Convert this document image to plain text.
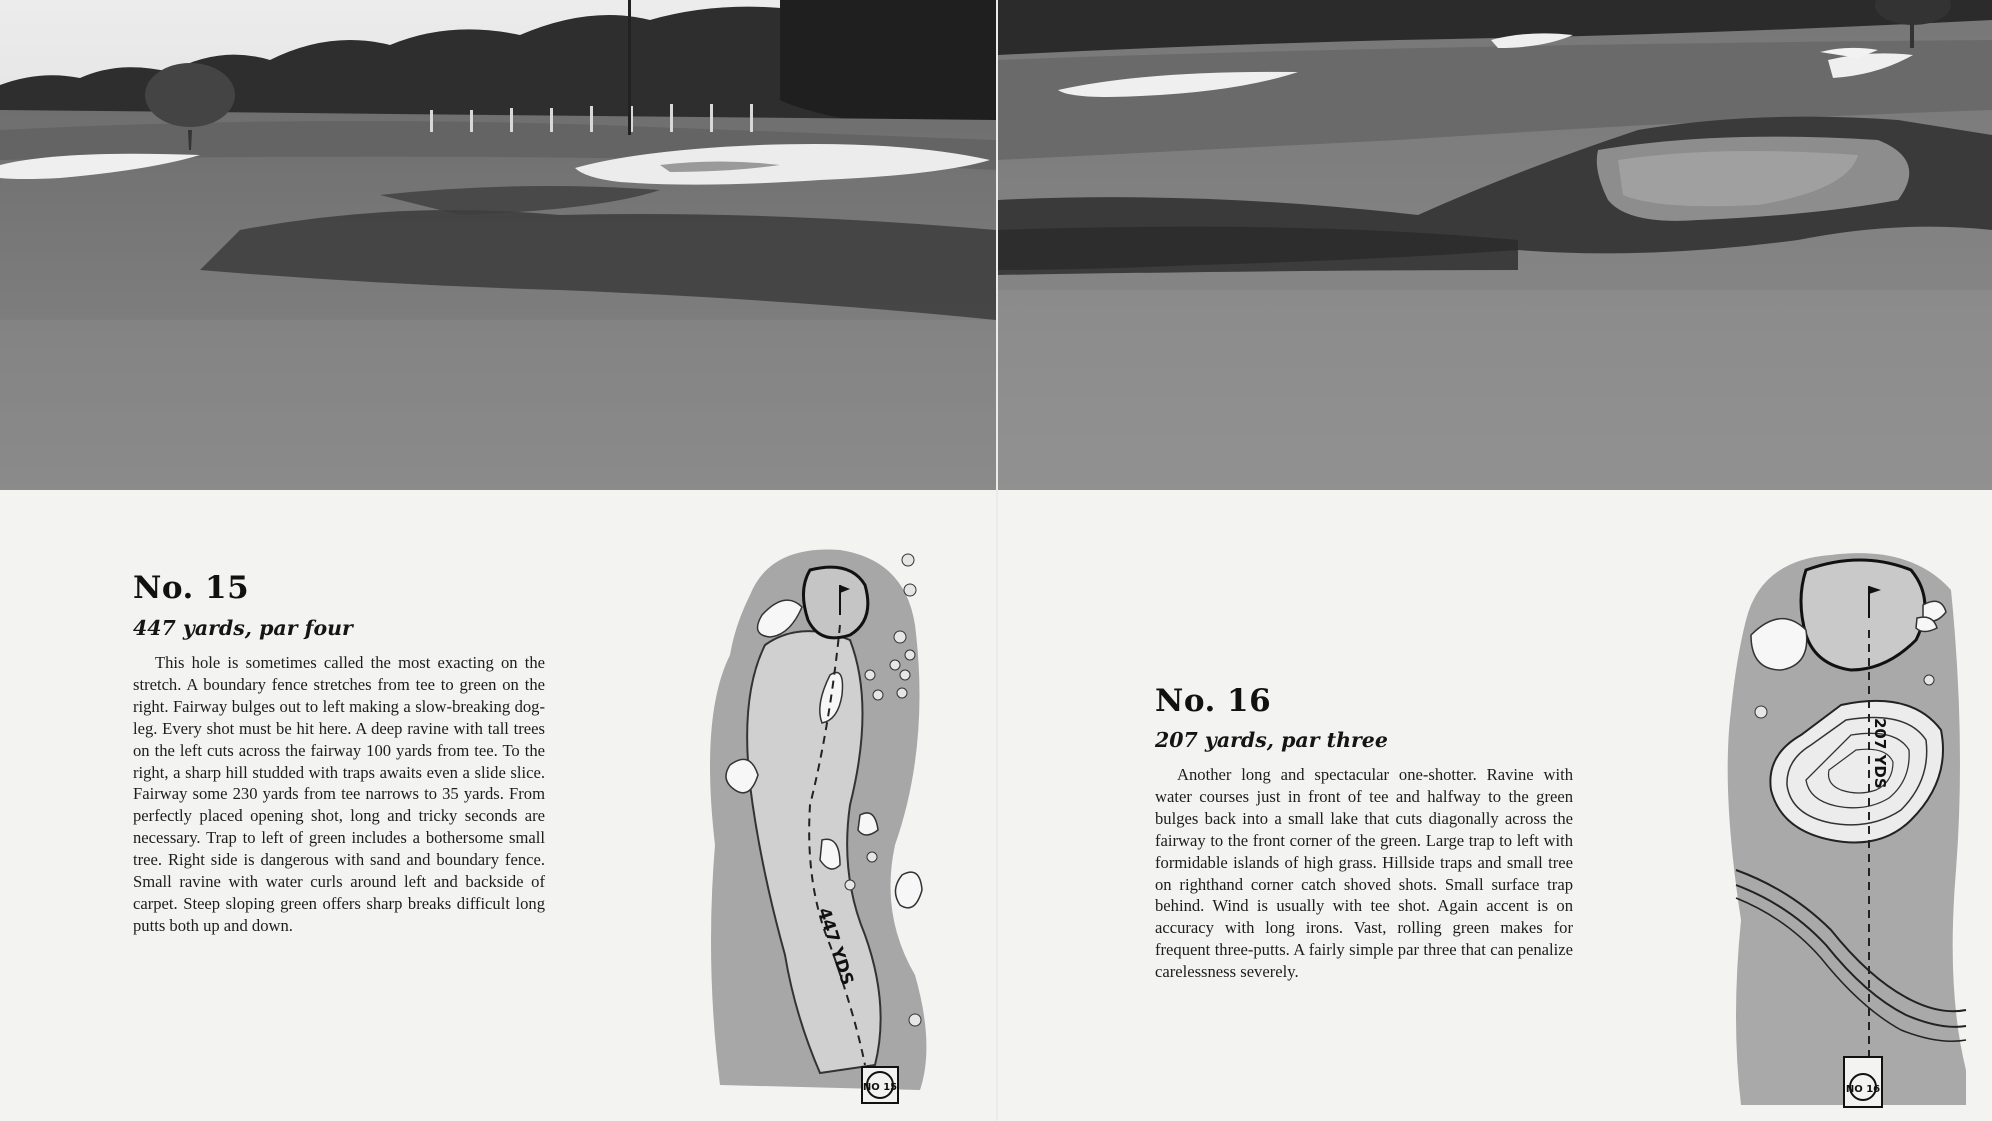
No. 15
447 yards, par four

This hole is sometimes called the most exacting on the stretch. A boundary fence stretches from tee to green on the right. Fairway bulges out to left making a slow-breaking dog-leg. Every shot must be hit here. A deep ravine with tall trees on the left cuts across the fairway 100 yards from tee. To the right, a sharp hill studded with traps awaits even a slide slice. Fairway some 230 yards from tee narrows to 35 yards. From perfectly placed opening shot, long and tricky seconds are necessary. Trap to left of green includes a bothersome small tree. Right side is dangerous with sand and boundary fence. Small ravine with water curls around left and backside of carpet. Steep sloping green offers sharp breaks difficult long putts both up and down.	447 YDS
NO 15
No. 16
207 yards, par three

Another long and spectacular one-shotter. Ravine with water courses just in front of tee and halfway to the green bulges back into a small lake that cuts diagonally across the fairway to the front corner of the green. Large trap to left with formidable islands of high grass. Hillside traps and small tree on righthand corner catch shoved shots. Small surface trap behind. Wind is usually with tee shot. Again accent is on accuracy with long irons. Vast, rolling green makes for frequent three-putts. A fairly simple par three that can penalize carelessness severely.

207 YDS
NO 16
